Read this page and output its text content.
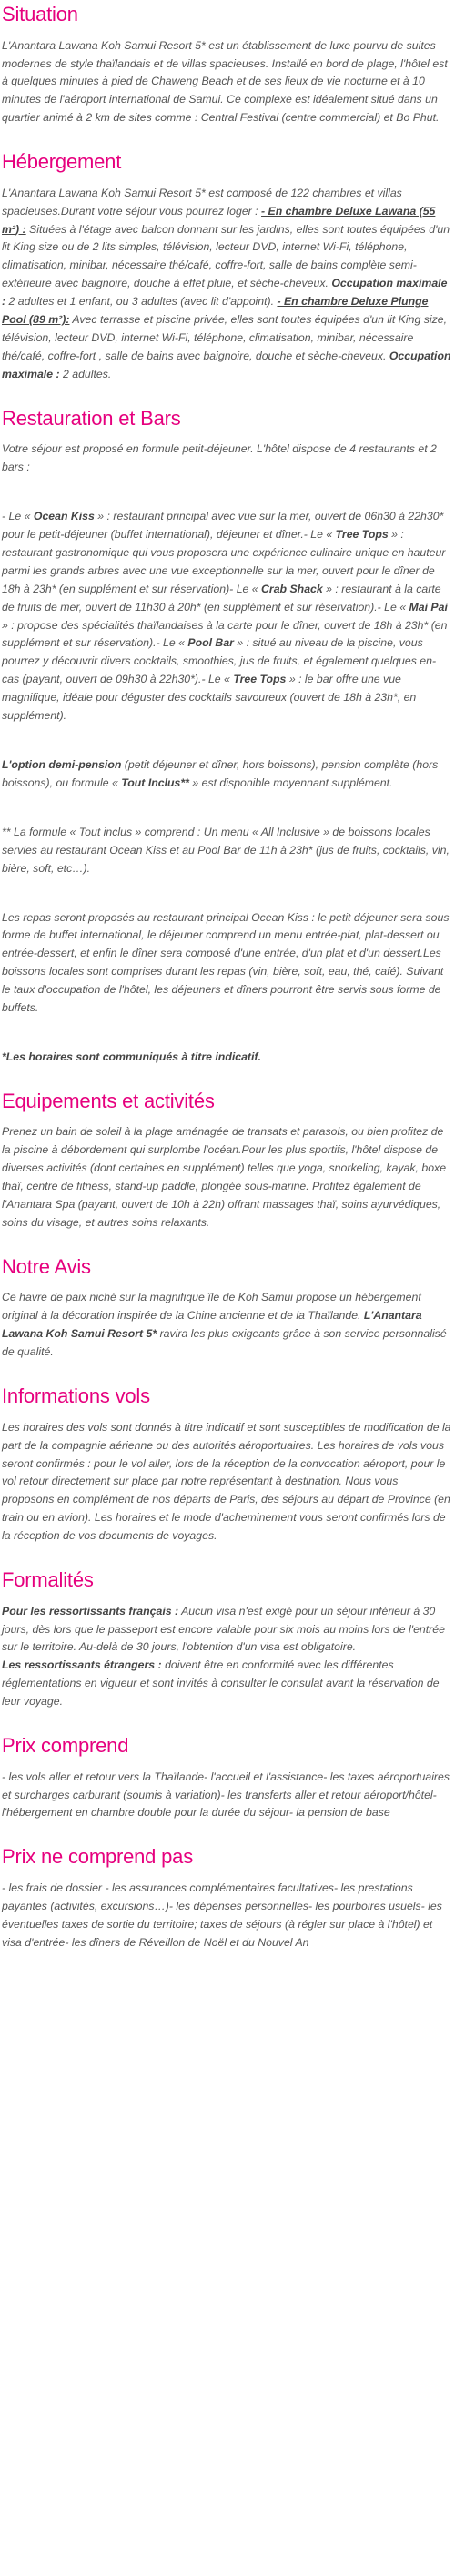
Situation

L'Anantara Lawana Koh Samui Resort 5* est un établissement de luxe pourvu de suites modernes de style thaïlandais et de villas spacieuses. Installé en bord de plage, l'hôtel est à quelques minutes à pied de Chaweng Beach et de ses lieux de vie nocturne et à 10 minutes de l'aéroport international de Samui. Ce complexe est idéalement situé dans un quartier animé à 2 km de sites comme : Central Festival (centre commercial) et Bo Phut.

Hébergement

L'Anantara Lawana Koh Samui Resort 5* est composé de 122 chambres et villas spacieuses.Durant votre séjour vous pourrez loger : - En chambre Deluxe Lawana (55 m²) : Situées à l'étage avec balcon donnant sur les jardins, elles sont toutes équipées d'un lit King size ou de 2 lits simples, télévision, lecteur DVD, internet Wi-Fi, téléphone, climatisation, minibar, nécessaire thé/café, coffre-fort, salle de bains complète semi-extérieure avec baignoire, douche à effet pluie, et sèche-cheveux. Occupation maximale : 2 adultes et 1 enfant, ou 3 adultes (avec lit d'appoint). - En chambre Deluxe Plunge Pool (89 m²): Avec terrasse et piscine privée, elles sont toutes équipées d'un lit King size, télévision, lecteur DVD, internet Wi-Fi, téléphone, climatisation, minibar, nécessaire thé/café, coffre-fort , salle de bains avec baignoire, douche et sèche-cheveux. Occupation maximale : 2 adultes.

Restauration et Bars

Votre séjour est proposé en formule petit-déjeuner. L'hôtel dispose de 4 restaurants et 2 bars :

- Le « Ocean Kiss » : restaurant principal avec vue sur la mer, ouvert de 06h30 à 22h30* pour le petit-déjeuner (buffet international), déjeuner et dîner.- Le « Tree Tops » : restaurant gastronomique qui vous proposera une expérience culinaire unique en hauteur parmi les grands arbres avec une vue exceptionnelle sur la mer, ouvert pour le dîner de 18h à 23h* (en supplément et sur réservation)- Le « Crab Shack » : restaurant à la carte de fruits de mer, ouvert de 11h30 à 20h* (en supplément et sur réservation).- Le « Mai Pai » : propose des spécialités thaïlandaises à la carte pour le dîner, ouvert de 18h à 23h* (en supplément et sur réservation).- Le « Pool Bar » : situé au niveau de la piscine, vous pourrez y découvrir divers cocktails, smoothies, jus de fruits, et également quelques en-cas (payant, ouvert de 09h30 à 22h30*).- Le « Tree Tops » : le bar offre une vue magnifique, idéale pour déguster des cocktails savoureux (ouvert de 18h à 23h*, en supplément).

L'option demi-pension (petit déjeuner et dîner, hors boissons), pension complète (hors boissons), ou formule « Tout Inclus** » est disponible moyennant supplément.

** La formule « Tout inclus » comprend : Un menu « All Inclusive » de boissons locales servies au restaurant Ocean Kiss et au Pool Bar de 11h à 23h* (jus de fruits, cocktails, vin, bière, soft, etc…).

Les repas seront proposés au restaurant principal Ocean Kiss : le petit déjeuner sera sous forme de buffet international, le déjeuner comprend un menu entrée-plat, plat-dessert ou entrée-dessert, et enfin le dîner sera composé d'une entrée, d'un plat et d'un dessert.Les boissons locales sont comprises durant les repas (vin, bière, soft, eau, thé, café). Suivant le taux d'occupation de l'hôtel, les déjeuners et dîners pourront être servis sous forme de buffets.

*Les horaires sont communiqués à titre indicatif.

Equipements et activités

Prenez un bain de soleil à la plage aménagée de transats et parasols, ou bien profitez de la piscine à débordement qui surplombe l'océan.Pour les plus sportifs, l'hôtel dispose de diverses activités (dont certaines en supplément) telles que yoga, snorkeling, kayak, boxe thaï, centre de fitness, stand-up paddle, plongée sous-marine. Profitez également de l'Anantara Spa (payant, ouvert de 10h à 22h) offrant massages thaï, soins ayurvédiques, soins du visage, et autres soins relaxants.

Notre Avis

Ce havre de paix niché sur la magnifique île de Koh Samui propose un hébergement original à la décoration inspirée de la Chine ancienne et de la Thaïlande. L'Anantara Lawana Koh Samui Resort 5* ravira les plus exigeants grâce à son service personnalisé de qualité.

Informations vols

Les horaires des vols sont donnés à titre indicatif et sont susceptibles de modification de la part de la compagnie aérienne ou des autorités aéroportuaires. Les horaires de vols vous seront confirmés : pour le vol aller, lors de la réception de la convocation aéroport, pour le vol retour directement sur place par notre représentant à destination. Nous vous proposons en complément de nos départs de Paris, des séjours au départ de Province (en train ou en avion). Les horaires et le mode d'acheminement vous seront confirmés lors de la réception de vos documents de voyages.

Formalités

Pour les ressortissants français : Aucun visa n'est exigé pour un séjour inférieur à 30 jours, dès lors que le passeport est encore valable pour six mois au moins lors de l'entrée sur le territoire. Au-delà de 30 jours, l'obtention d'un visa est obligatoire.

Les ressortissants étrangers : doivent être en conformité avec les différentes réglementations en vigueur et sont invités à consulter le consulat avant la réservation de leur voyage.

Prix comprend

- les vols aller et retour vers la Thaïlande- l'accueil et l'assistance- les taxes aéroportuaires et surcharges carburant (soumis à variation)- les transferts aller et retour aéroport/hôtel- l'hébergement en chambre double pour la durée du séjour- la pension de base

Prix ne comprend pas

- les frais de dossier - les assurances complémentaires facultatives- les prestations payantes (activités, excursions…)- les dépenses personnelles- les pourboires usuels- les éventuelles taxes de sortie du territoire; taxes de séjours (à régler sur place à l'hôtel) et visa d'entrée- les dîners de Réveillon de Noël et du Nouvel An
